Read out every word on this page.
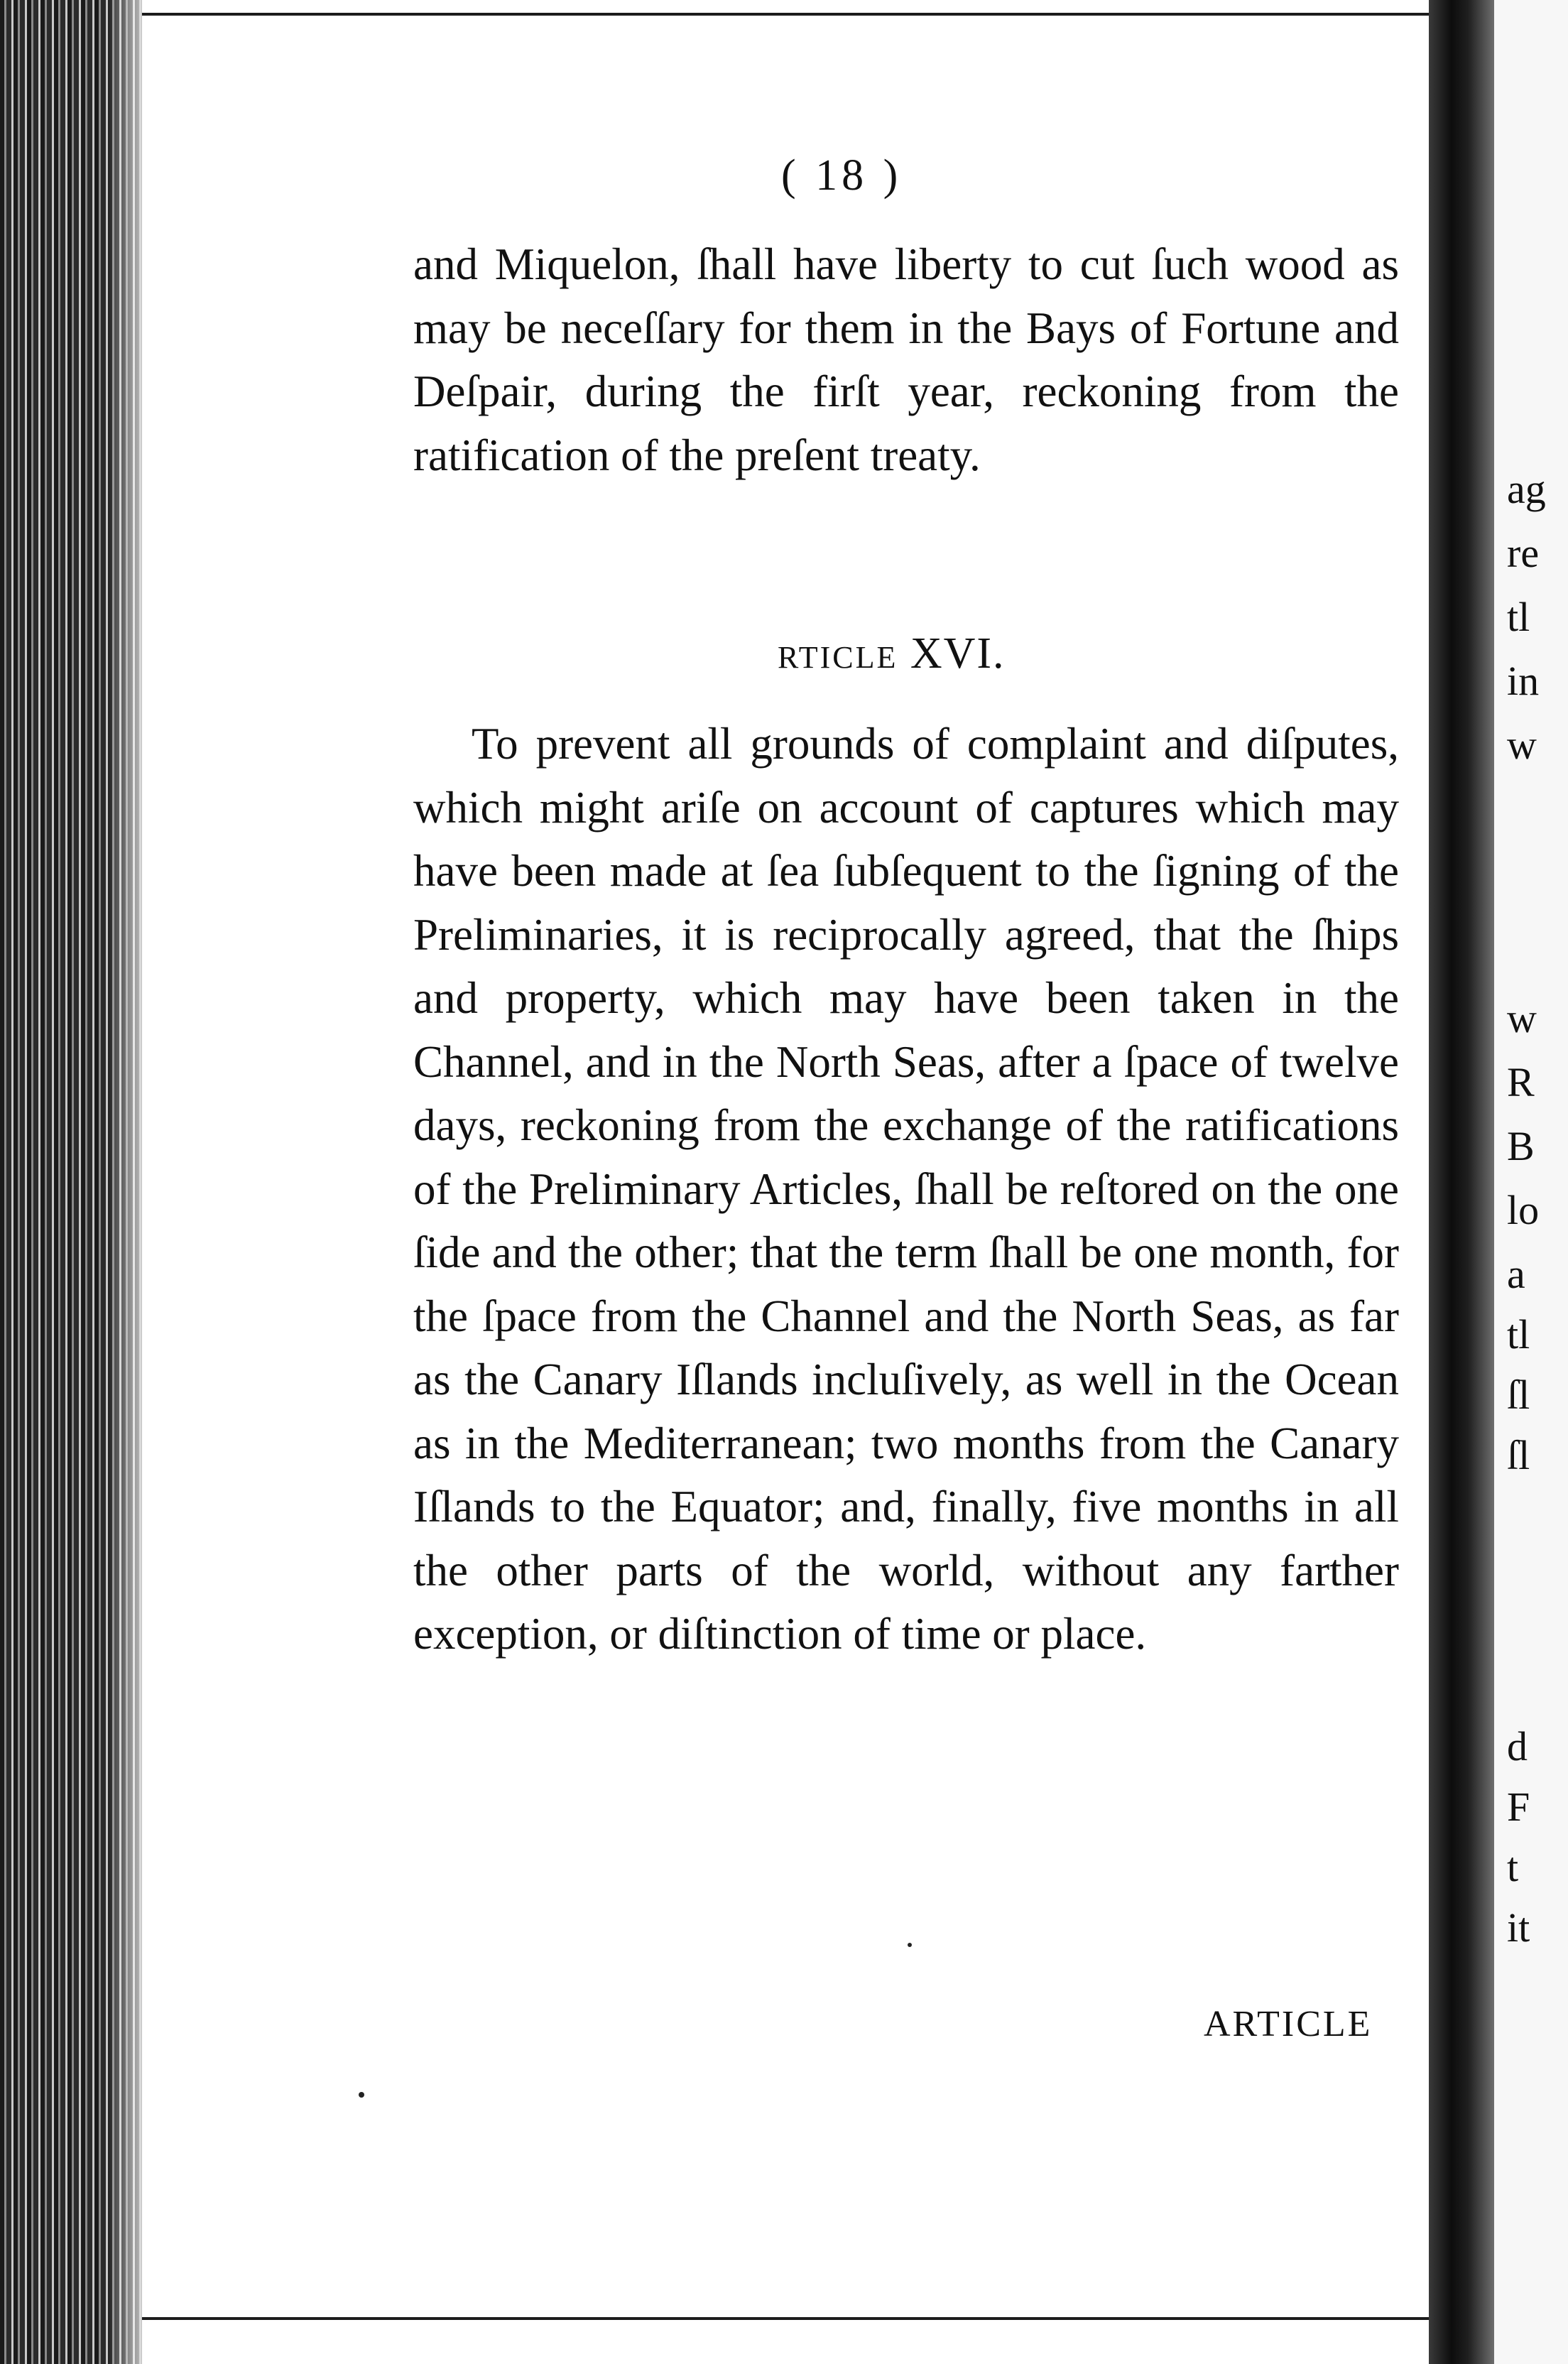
( 18 )

and Miquelon, ſhall have liberty to cut ſuch wood as may be neceſſary for them in the Bays of Fortune and Deſpair, during the firſt year, reckoning from the ratification of the preſent treaty.

RTICLE XVI.

To prevent all grounds of complaint and diſputes, which might ariſe on account of captures which may have been made at ſea ſubſequent to the ſigning of the Preliminaries, it is reciprocally agreed, that the ſhips and property, which may have been taken in the Channel, and in the North Seas, after a ſpace of twelve days, reckoning from the exchange of the ratifications of the Preliminary Articles, ſhall be reſtored on the one ſide and the other; that the term ſhall be one month, for the ſpace from the Channel and the North Seas, as far as the Canary Iſlands incluſively, as well in the Ocean as in the Mediterranean; two months from the Canary Iſlands to the Equator; and, finally, five months in all the other parts of the world, without any farther exception, or diſtinction of time or place.

ARTICLE
ag
re
tl
in
w
w
R
B
lo
a
tl
ſl
ſl
d
F
t
it
